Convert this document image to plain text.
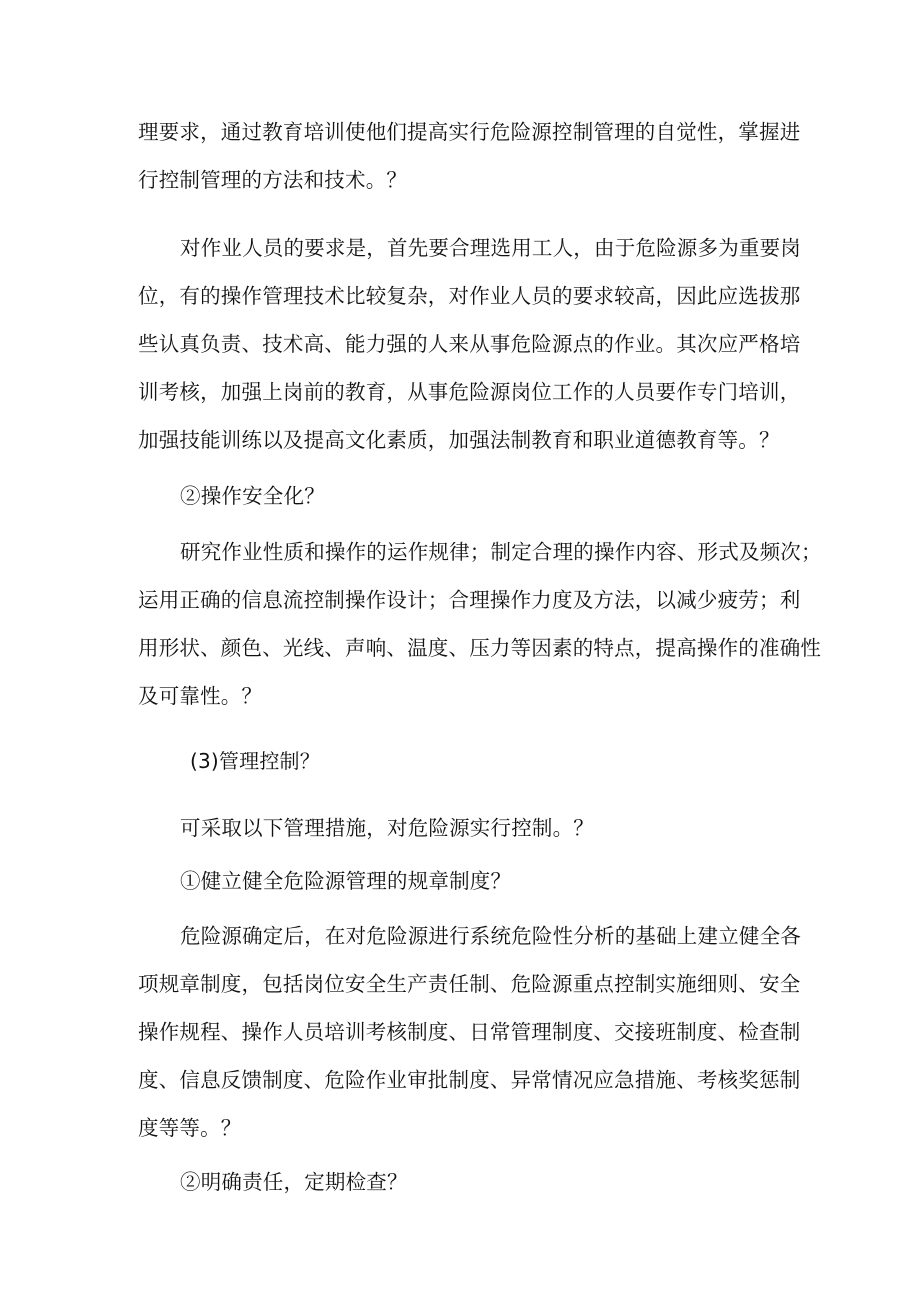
理要求，通过教育培训使他们提高实行危险源控制管理的自觉性，掌握进
行控制管理的方法和技术。？
对作业人员的要求是，首先要合理选用工人，由于危险源多为重要岗
位，有的操作管理技术比较复杂，对作业人员的要求较高，因此应选拔那
些认真负责、技术高、能力强的人来从事危险源点的作业。其次应严格培
训考核，加强上岗前的教育，从事危险源岗位工作的人员要作专门培训，
加强技能训练以及提高文化素质，加强法制教育和职业道德教育等。？
②操作安全化？
研究作业性质和操作的运作规律；制定合理的操作内容、形式及频次；
运用正确的信息流控制操作设计；合理操作力度及方法，以减少疲劳；利
用形状、颜色、光线、声响、温度、压力等因素的特点，提高操作的准确性
及可靠性。？
(3)管理控制？
可采取以下管理措施，对危险源实行控制。？
①健立健全危险源管理的规章制度？
危险源确定后，在对危险源进行系统危险性分析的基础上建立健全各
项规章制度，包括岗位安全生产责任制、危险源重点控制实施细则、安全
操作规程、操作人员培训考核制度、日常管理制度、交接班制度、检查制
度、信息反馈制度、危险作业审批制度、异常情况应急措施、考核奖惩制
度等等。？
②明确责任，定期检查？
